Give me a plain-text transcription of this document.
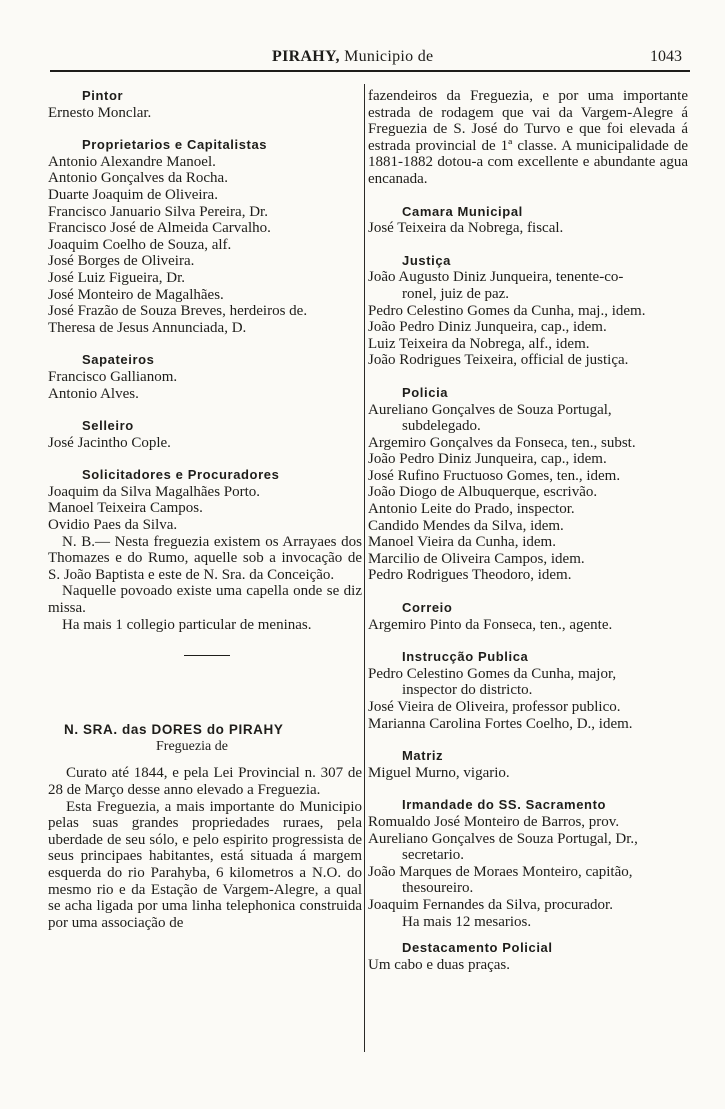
PIRAHY, Municipio de	1043
Pintor
Ernesto Monclar.
Proprietarios e Capitalistas
Antonio Alexandre Manoel.
Antonio Gonçalves da Rocha.
Duarte Joaquim de Oliveira.
Francisco Januario Silva Pereira, Dr.
Francisco José de Almeida Carvalho.
Joaquim Coelho de Souza, alf.
José Borges de Oliveira.
José Luiz Figueira, Dr.
José Monteiro de Magalhães.
José Frazão de Souza Breves, herdeiros de.
Theresa de Jesus Annunciada, D.
Sapateiros
Francisco Gallianom.
Antonio Alves.
Selleiro
José Jacintho Cople.
Solicitadores e Procuradores
Joaquim da Silva Magalhães Porto.
Manoel Teixeira Campos.
Ovidio Paes da Silva.
N. B.— Nesta freguezia existem os Arrayaes dos Thomazes e do Rumo, aquelle sob a invocação de S. João Baptista e este de N. Sra. da Conceição.
Naquelle povoado existe uma capella onde se diz missa.
Ha mais 1 collegio particular de meninas.
N. SRA. das DORES do PIRAHY
Freguezia de
Curato até 1844, e pela Lei Provincial n. 307 de 28 de Março desse anno elevado a Freguezia.
Esta Freguezia, a mais importante do Municipio pelas suas grandes propriedades ruraes, pela uberdade de seu sólo, e pelo espirito progressista de seus principaes habitantes, está situada á margem esquerda do rio Parahyba, 6 kilometros a N.O. do mesmo rio e da Estação de Vargem-Alegre, a qual se acha ligada por uma linha telephonica construida por uma associação de
fazendeiros da Freguezia, e por uma importante estrada de rodagem que vai da Vargem-Alegre á Freguezia de S. José do Turvo e que foi elevada á estrada provincial de 1ª classe. A municipalidade de 1881-1882 dotou-a com excellente e abundante agua encanada.
Camara Municipal
José Teixeira da Nobrega, fiscal.
Justiça
João Augusto Diniz Junqueira, tenente-co-
ronel, juiz de paz.
Pedro Celestino Gomes da Cunha, maj., idem.
João Pedro Diniz Junqueira, cap., idem.
Luiz Teixeira da Nobrega, alf., idem.
João Rodrigues Teixeira, official de justiça.
Policia
Aureliano Gonçalves de Souza Portugal,
subdelegado.
Argemiro Gonçalves da Fonseca, ten., subst.
João Pedro Diniz Junqueira, cap., idem.
José Rufino Fructuoso Gomes, ten., idem.
João Diogo de Albuquerque, escrivão.
Antonio Leite do Prado, inspector.
Candido Mendes da Silva, idem.
Manoel Vieira da Cunha, idem.
Marcilio de Oliveira Campos, idem.
Pedro Rodrigues Theodoro, idem.
Correio
Argemiro Pinto da Fonseca, ten., agente.
Instrucção Publica
Pedro Celestino Gomes da Cunha, major,
inspector do districto.
José Vieira de Oliveira, professor publico.
Marianna Carolina Fortes Coelho, D., idem.
Matriz
Miguel Murno, vigario.
Irmandade do SS. Sacramento
Romualdo José Monteiro de Barros, prov.
Aureliano Gonçalves de Souza Portugal, Dr.,
secretario.
João Marques de Moraes Monteiro, capitão,
thesoureiro.
Joaquim Fernandes da Silva, procurador.
Ha mais 12 mesarios.
Destacamento Policial
Um cabo e duas praças.
